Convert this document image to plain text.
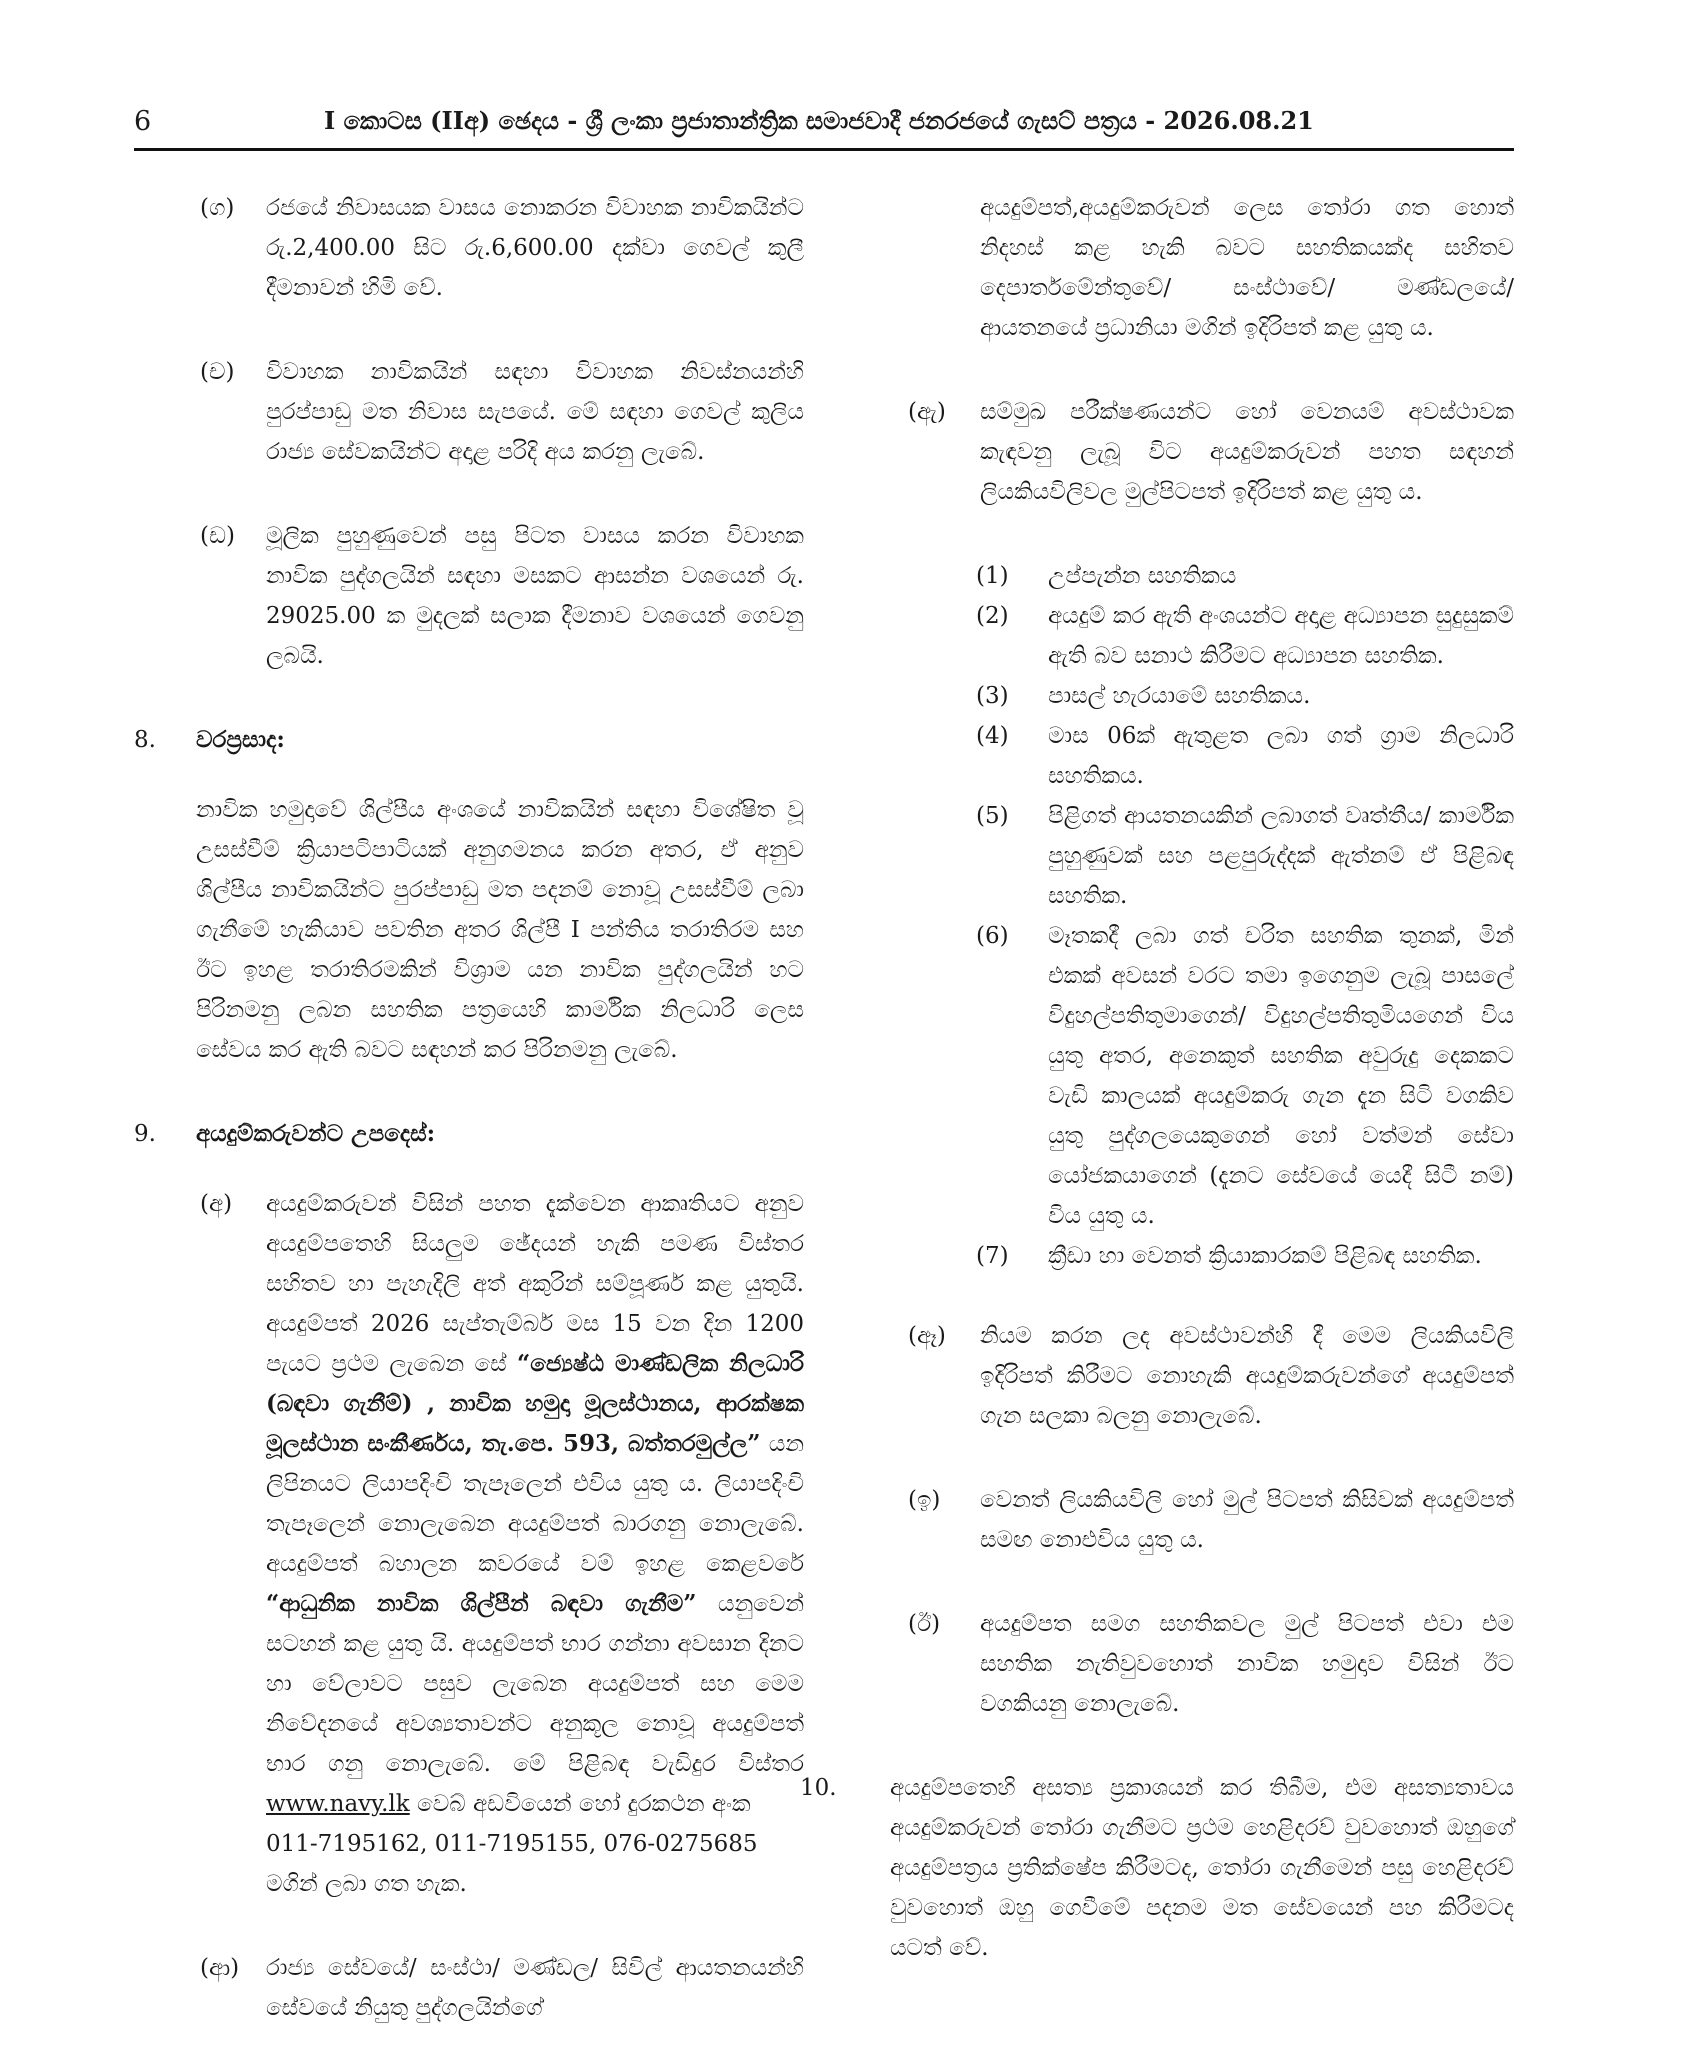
6	I කොටස (IIඅ) ඡෙදය - ශ්‍රී ලංකා ප්‍රජාතාන්ත්‍රික සමාජවාදී ජනරජයේ ගැසට් පත්‍රය - 2026.08.21
(ග)	රජයේ නිවාසයක වාසය නොකරන විවාහක නාවිකයින්ට රු.2,400.00 සිට රු.6,600.00 දක්වා ගෙවල් කුලී දීමනාවන් හිමි වේ.
(ච)	විවාහක නාවිකයින් සඳහා විවාහක නිවස්නයන්හි පුරප්පාඩු මත නිවාස සැපයේ. මේ සඳහා ගෙවල් කුලිය රාජ්‍ය සේවකයින්ට අදාළ පරිදි අය කරනු ලැබේ.
(ඩ)	මූලික පුහුණුවෙන් පසු පිටත වාසය කරන විවාහක නාවික පුද්ගලයින් සඳහා මසකට ආසන්න වශයෙන් රු. 29025.00 ක මුදලක් සලාක දීමනාව වශයෙන් ගෙවනු ලබයි.
8.	වරප්‍රසාද:
නාවික හමුදාවේ ශිල්පීය අංශයේ නාවිකයින් සඳහා විශේෂිත වූ උසස්වීම් ක්‍රියාපටිපාටියක් අනුගමනය කරන අතර, ඒ අනුව ශිල්පීය නාවිකයින්ට පුරප්පාඩු මත පදනම් නොවූ උසස්වීම් ලබා ගැනීමේ හැකියාව පවතින අතර ශිල්පී I පන්තිය තරාතිරම සහ ඊට ඉහළ තරාතිරමකින් විශ්‍රාම යන නාවික පුද්ගලයින් හට පිරිනමනු ලබන සහතික පත්‍රයෙහි කාර්මික නිලධාරි ලෙස සේවය කර ඇති බවට සඳහන් කර පිරිනමනු ලැබේ.
9.	අයදුම්කරුවන්ට උපදෙස්:
(අ)	අයදුම්කරුවන් විසින් පහත දැක්වෙන ආකෘතියට අනුව අයදුම්පතෙහි සියලුම ඡේදයන් හැකි පමණ විස්තර සහිතව හා පැහැදිලි අත් අකුරින් සම්පූර්ණ කළ යුතුයි. අයදුම්පත් 2026 සැප්තැම්බර් මස 15 වන දින 1200 පැයට ප්‍රථම ලැබෙන සේ “ජ්‍යෙෂ්ඨ මාණ්ඩලික නිලධාරි (බඳවා ගැනීම්) , නාවික හමුදා මූලස්ථානය, ආරක්ෂක මූලස්ථාන සංකීර්ණය, තැ.පෙ. 593, බත්තරමුල්ල” යන ලිපිනයට ලියාපදිංචි තැපෑලෙන් එවිය යුතු ය. ලියාපදිංචි තැපෑලෙන් නොලැබෙන අයදුම්පත් බාරගනු නොලැබේ. අයදුම්පත් බහාලන කවරයේ වම් ඉහළ කෙළවරේ “ආධුනික නාවික ශිල්පීන් බඳවා ගැනීම” යනුවෙන් සටහන් කළ යුතු යි. අයදුම්පත් භාර ගන්නා අවසාන දිනට හා වේලාවට පසුව ලැබෙන අයදුම්පත් සහ මෙම නිවේදනයේ අවශ්‍යතාවන්ට අනුකූල නොවූ අයදුම්පත් භාර ගනු නොලැබේ. මේ පිළිබඳ වැඩිදුර විස්තර www.navy.lk වෙබ් අඩවියෙන් හෝ දුරකථන අංක
011-7195162, 011-7195155, 076-0275685
මගින් ලබා ගත හැක.
(ආ)	රාජ්‍ය සේවයේ/ සංස්ථා/ මණ්ඩල/ සිවිල් ආයතනයන්හි සේවයේ නියුතු පුද්ගලයින්ගේ
අයදුම්පත්,අයදුම්කරුවන් ලෙස තෝරා ගත හොත් නිදහස් කළ හැකි බවට සහතිකයක්ද සහිතව දෙපාර්තමේන්තුවේ/ සංස්ථාවේ/ මණ්ඩලයේ/ ආයතනයේ ප්‍රධානියා මගින් ඉදිරිපත් කළ යුතු ය.
(ඇ)	සම්මුඛ පරීක්ෂණයන්ට හෝ වෙනයම් අවස්ථාවක කැඳවනු ලැබූ විට අයදුම්කරුවන් පහත සඳහන් ලියකියවිලිවල මුල්පිටපත් ඉදිරිපත් කළ යුතු ය.
(1)	උප්පැන්න සහතිකය
(2)	අයදුම් කර ඇති අංශයන්ට අදාළ අධ්‍යාපන සුදුසුකම් ඇති බව සනාථ කිරීමට අධ්‍යාපන සහතික.
(3)	පාසල් හැරයාමේ සහතිකය.
(4)	මාස 06ක් ඇතුළත ලබා ගත් ග්‍රාම නිලධාරි සහතිකය.
(5)	පිළිගත් ආයතනයකින් ලබාගත් වෘත්තීය/ කාර්මික පුහුණුවක් සහ පළපුරුද්දක් ඇත්නම් ඒ පිළිබඳ සහතික.
(6)	මෑතකදී ලබා ගත් චරිත සහතික තුනක්, මින් එකක් අවසන් වරට තමා ඉගෙනුම ලැබූ පාසලේ විදුහල්පතිතුමාගෙන්/ විදුහල්පතිතුමියගෙන් විය යුතු අතර, අනෙකුත් සහතික අවුරුදු දෙකකට වැඩි කාලයක් අයදුම්කරු ගැන දැන සිටි වගකිව යුතු පුද්ගලයෙකුගෙන් හෝ වත්මන් සේවා යෝජකයාගෙන් (දැනට සේවයේ යෙදී සිටී නම්) විය යුතු ය.
(7)	ක්‍රීඩා හා වෙනත් ක්‍රියාකාරකම් පිළිබඳ සහතික.
(ඈ)	නියම කරන ලද අවස්ථාවන්හි දී මෙම ලියකියවිලි ඉදිරිපත් කිරීමට නොහැකි අයදුම්කරුවන්ගේ අයදුම්පත් ගැන සලකා බලනු නොලැබේ.
(ඉ)	වෙනත් ලියකියවිලි හෝ මුල් පිටපත් කිසිවක් අයදුම්පත් සමඟ නොඑවිය යුතු ය.
(ඊ)	අයදුම්පත සමග සහතිකවල මුල් පිටපත් එවා එම සහතික නැතිවුවහොත් නාවික හමුදාව විසින් ඊට වගකියනු නොලැබේ.
10.	අයදුම්පතෙහි අසත්‍ය ප්‍රකාශයන් කර තිබීම, එම අසත්‍යතාවය අයදුම්කරුවන් තෝරා ගැනීමට ප්‍රථම හෙළිදරව් වුවහොත් ඔහුගේ අයදුම්පත්‍රය ප්‍රතික්ෂේප කිරීමටද, තෝරා ගැනීමෙන් පසු හෙළිදරව් වුවහොත් ඔහු ගෙවීමේ පදනම මත සේවයෙන් පහ කිරීමටද යටත් වේ.
